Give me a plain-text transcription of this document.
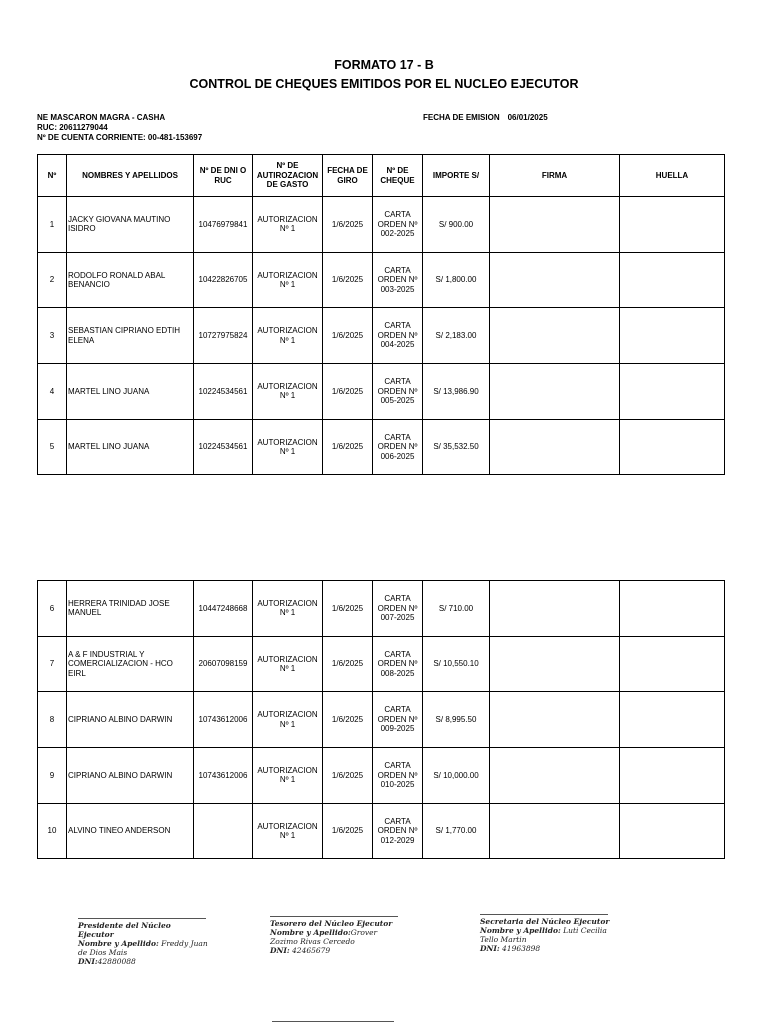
FORMATO 17 - B
CONTROL DE CHEQUES EMITIDOS POR EL NUCLEO EJECUTOR
NE MASCARON MAGRA - CASHA
RUC: 20611279044
Nº DE CUENTA CORRIENTE: 00-481-153697
FECHA DE EMISION 06/01/2025
Nº	NOMBRES Y APELLIDOS	Nº DE DNI O RUC	Nº DE AUTIROZACION DE GASTO	FECHA DE GIRO	Nº DE CHEQUE	IMPORTE S/	FIRMA	HUELLA
1	JACKY GIOVANA MAUTINO ISIDRO	10476979841	AUTORIZACION Nº 1	1/6/2025	CARTA ORDEN Nº 002-2025	S/ 900.00		
2	RODOLFO RONALD ABAL BENANCIO	10422826705	AUTORIZACION Nº 1	1/6/2025	CARTA ORDEN Nº 003-2025	S/ 1,800.00		
3	SEBASTIAN CIPRIANO EDTIH ELENA	10727975824	AUTORIZACION Nº 1	1/6/2025	CARTA ORDEN Nº 004-2025	S/ 2,183.00		
4	MARTEL LINO JUANA	10224534561	AUTORIZACION Nº 1	1/6/2025	CARTA ORDEN Nº 005-2025	S/ 13,986.90		
5	MARTEL LINO JUANA	10224534561	AUTORIZACION Nº 1	1/6/2025	CARTA ORDEN Nº 006-2025	S/ 35,532.50		
6	HERRERA TRINIDAD JOSE MANUEL	10447248668	AUTORIZACION Nº 1	1/6/2025	CARTA ORDEN Nº 007-2025	S/ 710.00		
7	A & F INDUSTRIAL Y COMERCIALIZACION - HCO EIRL	20607098159	AUTORIZACION Nº 1	1/6/2025	CARTA ORDEN Nº 008-2025	S/ 10,550.10		
8	CIPRIANO ALBINO DARWIN	10743612006	AUTORIZACION Nº 1	1/6/2025	CARTA ORDEN Nº 009-2025	S/ 8,995.50		
9	CIPRIANO ALBINO DARWIN	10743612006	AUTORIZACION Nº 1	1/6/2025	CARTA ORDEN Nº 010-2025	S/ 10,000.00		
10	ALVINO TINEO ANDERSON		AUTORIZACION Nº 1	1/6/2025	CARTA ORDEN Nº 012-2029	S/ 1,770.00		
Presidente del Núcleo Ejecutor
Nombre y Apellido: Freddy Juan de Dios Mais
DNI:42880088
Tesorero del Núcleo Ejecutor
Nombre y Apellido:Grover Zozimo Rivas Cercedo
DNI: 42465679
Secretaria del Núcleo Ejecutor
Nombre y Apellido: Luti Cecilia Tello Martin
DNI: 41963898
